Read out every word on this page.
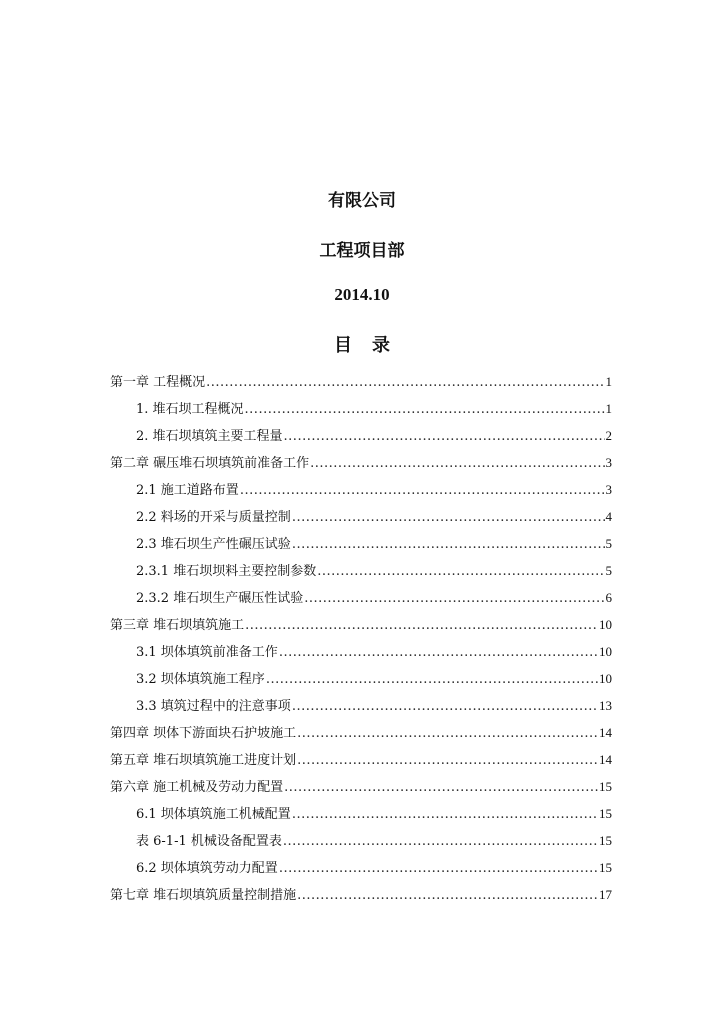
有限公司
工程项目部
2014.10
目录
第一章 工程概况 .....	1
1. 堆石坝工程概况 .....	1
2. 堆石坝填筑主要工程量 .....	2
第二章 碾压堆石坝填筑前准备工作 .....	3
2.1 施工道路布置 .....	3
2.2 料场的开采与质量控制 .....	4
2.3 堆石坝生产性碾压试验 .....	5
2.3.1 堆石坝坝料主要控制参数 .....	5
2.3.2 堆石坝生产碾压性试验 .....	6
第三章 堆石坝填筑施工 .....	10
3.1 坝体填筑前准备工作 .....	10
3.2 坝体填筑施工程序 .....	10
3.3 填筑过程中的注意事项 .....	13
第四章 坝体下游面块石护坡施工 .....	14
第五章 堆石坝填筑施工进度计划 .....	14
第六章 施工机械及劳动力配置 .....	15
6.1 坝体填筑施工机械配置 .....	15
表 6-1-1 机械设备配置表 .....	15
6.2 坝体填筑劳动力配置 .....	15
第七章 堆石坝填筑质量控制措施 .....	17
